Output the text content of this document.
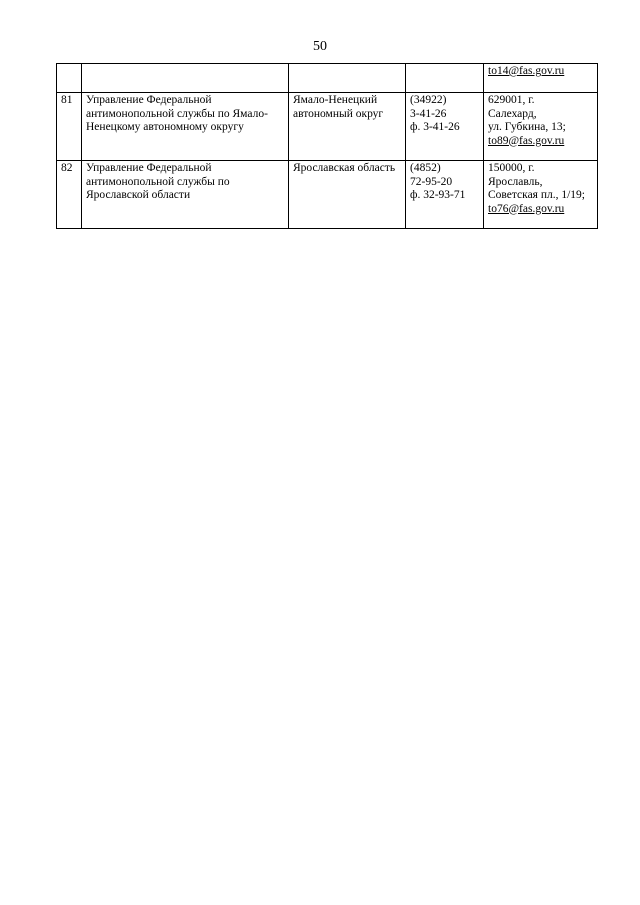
50

				to14@fas.gov.ru

81	Управление Федеральной
антимонопольной службы по Ямало-
Ненецкому автономному округу	Ямало-Ненецкий
автономный округ	(34922)
3-41-26
ф. 3-41-26	629001, г.
Салехард,
ул. Губкина, 13;
to89@fas.gov.ru

82	Управление Федеральной
антимонопольной службы по
Ярославской области	Ярославская область	(4852)
72-95-20
ф. 32-93-71	150000, г.
Ярославль,
Советская пл., 1/19;
to76@fas.gov.ru
